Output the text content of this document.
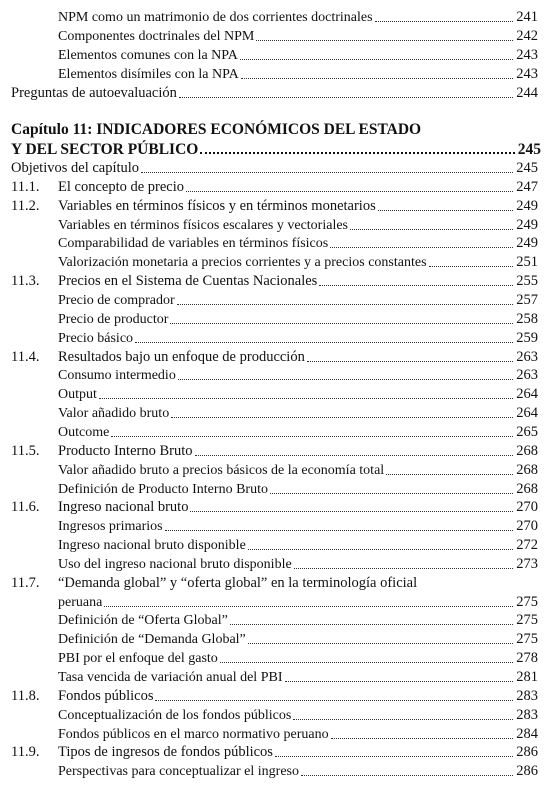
NPM como un matrimonio de dos corrientes doctrinales	241
Componentes doctrinales del NPM	242
Elementos comunes con la NPA	243
Elementos disímiles con la NPA	243
Preguntas de autoevaluación	244
Capítulo 11: INDICADORES ECONÓMICOS DEL ESTADO
Y DEL SECTOR PÚBLICO	245
Objetivos del capítulo	245
11.1.	El concepto de precio	247
11.2.	Variables en términos físicos y en términos monetarios	249
Variables en términos físicos escalares y vectoriales	249
Comparabilidad de variables en términos físicos	249
Valorización monetaria a precios corrientes y a precios constantes	251
11.3.	Precios en el Sistema de Cuentas Nacionales	255
Precio de comprador	257
Precio de productor	258
Precio básico	259
11.4.	Resultados bajo un enfoque de producción	263
Consumo intermedio	263
Output	264
Valor añadido bruto	264
Outcome	265
11.5.	Producto Interno Bruto	268
Valor añadido bruto a precios básicos de la economía total	268
Definición de Producto Interno Bruto	268
11.6.	Ingreso nacional bruto	270
Ingresos primarios	270
Ingreso nacional bruto disponible	272
Uso del ingreso nacional bruto disponible	273
11.7.	“Demanda global” y “oferta global” en la terminología oficial
peruana	275
Definición de “Oferta Global”	275
Definición de “Demanda Global”	275
PBI por el enfoque del gasto	278
Tasa vencida de variación anual del PBI	281
11.8.	Fondos públicos	283
Conceptualización de los fondos públicos	283
Fondos públicos en el marco normativo peruano	284
11.9.	Tipos de ingresos de fondos públicos	286
Perspectivas para conceptualizar el ingreso	286
